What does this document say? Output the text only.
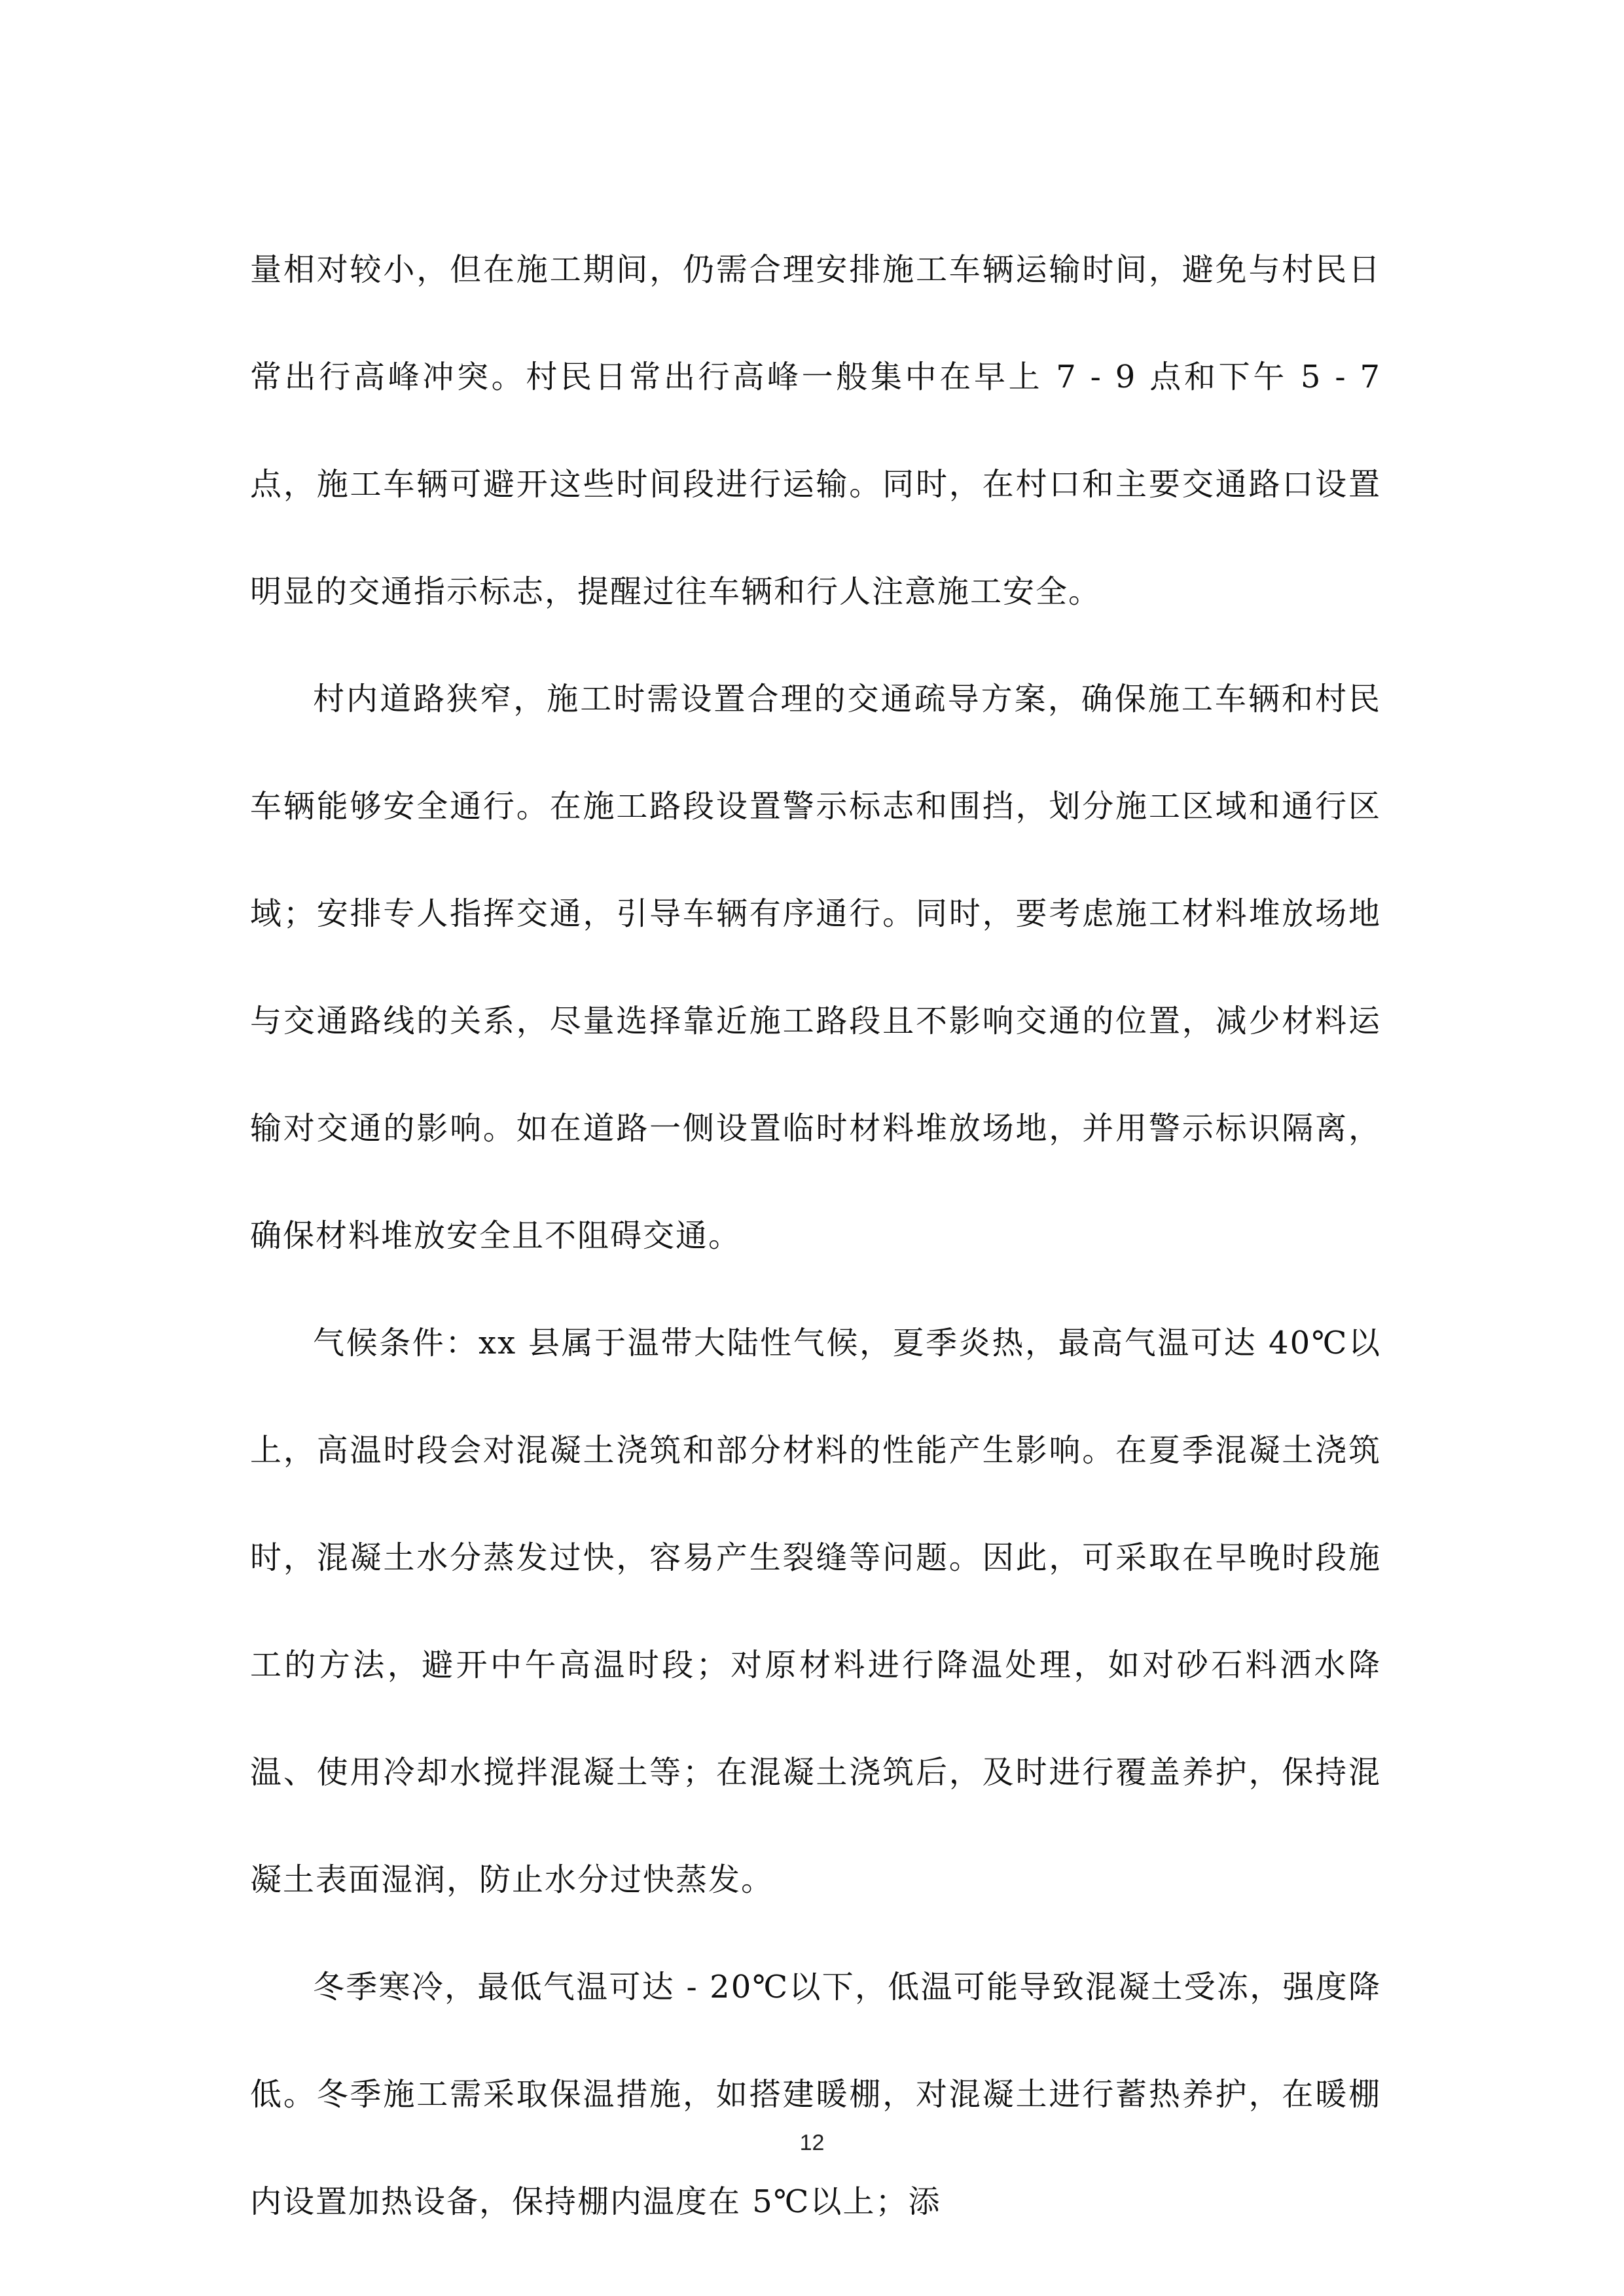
量相对较小，但在施工期间，仍需合理安排施工车辆运输时间，避免与村民日常出行高峰冲突。村民日常出行高峰一般集中在早上 7 - 9 点和下午 5 - 7 点，施工车辆可避开这些时间段进行运输。同时，在村口和主要交通路口设置明显的交通指示标志，提醒过往车辆和行人注意施工安全。

村内道路狭窄，施工时需设置合理的交通疏导方案，确保施工车辆和村民车辆能够安全通行。在施工路段设置警示标志和围挡，划分施工区域和通行区域；安排专人指挥交通，引导车辆有序通行。同时，要考虑施工材料堆放场地与交通路线的关系，尽量选择靠近施工路段且不影响交通的位置，减少材料运输对交通的影响。如在道路一侧设置临时材料堆放场地，并用警示标识隔离，确保材料堆放安全且不阻碍交通。

气候条件：xx 县属于温带大陆性气候，夏季炎热，最高气温可达 40℃以上，高温时段会对混凝土浇筑和部分材料的性能产生影响。在夏季混凝土浇筑时，混凝土水分蒸发过快，容易产生裂缝等问题。因此，可采取在早晚时段施工的方法，避开中午高温时段；对原材料进行降温处理，如对砂石料洒水降温、使用冷却水搅拌混凝土等；在混凝土浇筑后，及时进行覆盖养护，保持混凝土表面湿润，防止水分过快蒸发。

冬季寒冷，最低气温可达 - 20℃以下，低温可能导致混凝土受冻，强度降低。冬季施工需采取保温措施，如搭建暖棚，对混凝土进行蓄热养护，在暖棚内设置加热设备，保持棚内温度在 5℃以上；添

12
